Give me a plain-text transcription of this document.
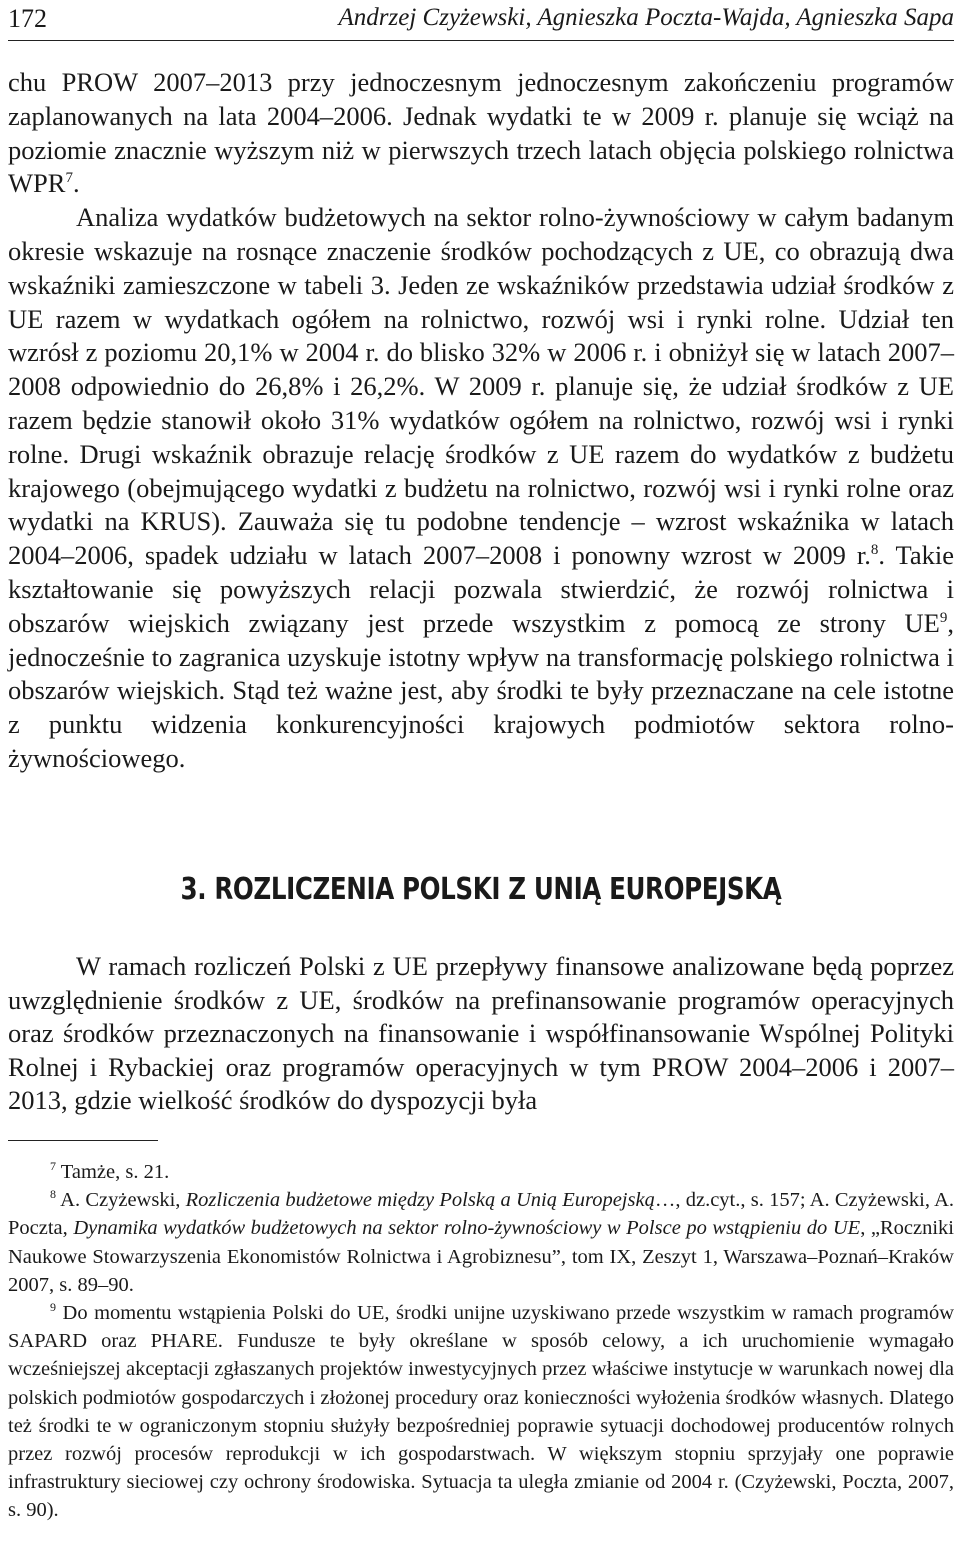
172	Andrzej Czyżewski, Agnieszka Poczta-Wajda, Agnieszka Sapa

chu PROW 2007–2013 przy jednoczesnym jednoczesnym zakończeniu programów zaplanowanych na lata 2004–2006. Jednak wydatki te w 2009 r. planuje się wciąż na poziomie znacznie wyższym niż w pierwszych trzech latach objęcia polskiego rolnictwa WPR$^7$.

Analiza wydatków budżetowych na sektor rolno-żywnościowy w całym badanym okresie wskazuje na rosnące znaczenie środków pochodzących z UE, co obrazują dwa wskaźniki zamieszczone w tabeli 3. Jeden ze wskaźników przedstawia udział środków z UE razem w wydatkach ogółem na rolnictwo, rozwój wsi i rynki rolne. Udział ten wzrósł z poziomu 20,1% w 2004 r. do blisko 32% w 2006 r. i obniżył się w latach 2007–2008 odpowiednio do 26,8% i 26,2%. W 2009 r. planuje się, że udział środków z UE razem będzie stanowił około 31% wydatków ogółem na rolnictwo, rozwój wsi i rynki rolne. Drugi wskaźnik obrazuje relację środków z UE razem do wydatków z budżetu krajowego (obejmującego wydatki z budżetu na rolnictwo, rozwój wsi i rynki rolne oraz wydatki na KRUS). Zauważa się tu podobne tendencje – wzrost wskaźnika w latach 2004–2006, spadek udziału w latach 2007–2008 i ponowny wzrost w 2009 r.$^8$. Takie kształtowanie się powyższych relacji pozwala stwierdzić, że rozwój rolnictwa i obszarów wiejskich związany jest przede wszystkim z pomocą ze strony $UE^9$, jednocześnie to zagranica uzyskuje istotny wpływ na transformację polskiego rolnictwa i obszarów wiejskich. Stąd też ważne jest, aby środki te były przeznaczane na cele istotne z punktu widzenia konkurencyjności krajowych podmiotów sektora rolno-żywnościowego.

3. ROZLICZENIA POLSKI Z UNIĄ EUROPEJSKĄ

W ramach rozliczeń Polski z UE przepływy finansowe analizowane będą poprzez uwzględnienie środków z UE, środków na prefinansowanie programów operacyjnych oraz środków przeznaczonych na finansowanie i współfinansowanie Wspólnej Polityki Rolnej i Rybackiej oraz programów operacyjnych w tym PROW 2004–2006 i 2007–2013, gdzie wielkość środków do dyspozycji była

$^7$ Tamże, s. 21.

$^8$ A. Czyżewski, Rozliczenia budżetowe między Polską a Unią Europejską…, dz.cyt., s. 157; A. Czyżewski, A. Poczta, Dynamika wydatków budżetowych na sektor rolno-żywnościowy w Polsce po wstąpieniu do UE, „Roczniki Naukowe Stowarzyszenia Ekonomistów Rolnictwa i Agrobiznesu”, tom IX, Zeszyt 1, Warszawa–Poznań–Kraków 2007, s. 89–90.

$^9$ Do momentu wstąpienia Polski do UE, środki unijne uzyskiwano przede wszystkim w ramach programów SAPARD oraz PHARE. Fundusze te były określane w sposób celowy, a ich uruchomienie wymagało wcześniejszej akceptacji zgłaszanych projektów inwestycyjnych przez właściwe instytucje w warunkach nowej dla polskich podmiotów gospodarczych i złożonej procedury oraz konieczności wyłożenia środków własnych. Dlatego też środki te w ograniczonym stopniu służyły bezpośredniej poprawie sytuacji dochodowej producentów rolnych przez rozwój procesów reprodukcji w ich gospodarstwach. W większym stopniu sprzyjały one poprawie infrastruktury sieciowej czy ochrony środowiska. Sytuacja ta uległa zmianie od 2004 r. (Czyżewski, Poczta, 2007, s. 90).
